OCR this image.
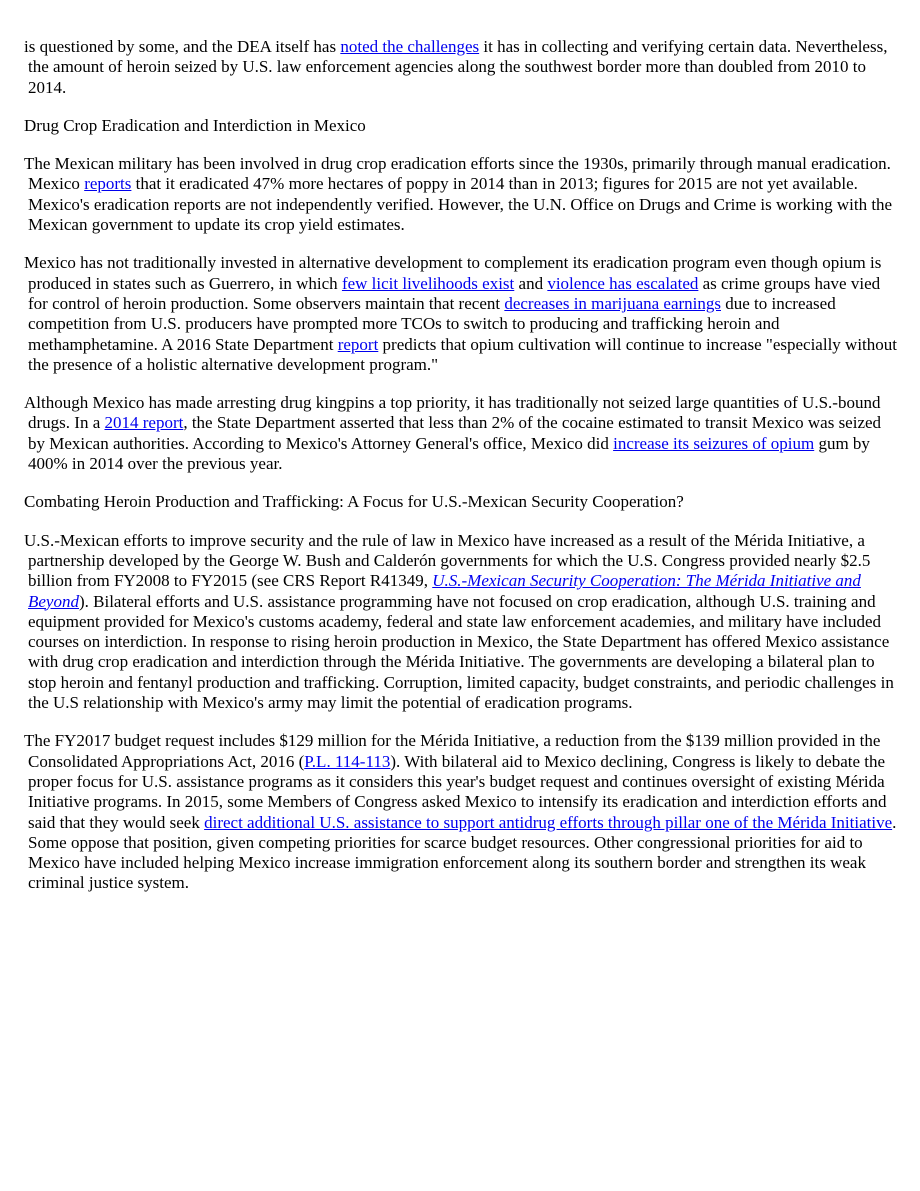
is questioned by some, and the DEA itself has noted the challenges it has in collecting and verifying certain data. Nevertheless, the amount of heroin seized by U.S. law enforcement agencies along the southwest border more than doubled from 2010 to 2014.

Drug Crop Eradication and Interdiction in Mexico

The Mexican military has been involved in drug crop eradication efforts since the 1930s, primarily through manual eradication. Mexico reports that it eradicated 47% more hectares of poppy in 2014 than in 2013; figures for 2015 are not yet available. Mexico's eradication reports are not independently verified. However, the U.N. Office on Drugs and Crime is working with the Mexican government to update its crop yield estimates.

Mexico has not traditionally invested in alternative development to complement its eradication program even though opium is produced in states such as Guerrero, in which few licit livelihoods exist and violence has escalated as crime groups have vied for control of heroin production. Some observers maintain that recent decreases in marijuana earnings due to increased competition from U.S. producers have prompted more TCOs to switch to producing and trafficking heroin and methamphetamine. A 2016 State Department report predicts that opium cultivation will continue to increase "especially without the presence of a holistic alternative development program."

Although Mexico has made arresting drug kingpins a top priority, it has traditionally not seized large quantities of U.S.-bound drugs. In a 2014 report, the State Department asserted that less than 2% of the cocaine estimated to transit Mexico was seized by Mexican authorities. According to Mexico's Attorney General's office, Mexico did increase its seizures of opium gum by 400% in 2014 over the previous year.

Combating Heroin Production and Trafficking: A Focus for U.S.-Mexican Security Cooperation?

U.S.-Mexican efforts to improve security and the rule of law in Mexico have increased as a result of the Mérida Initiative, a partnership developed by the George W. Bush and Calderón governments for which the U.S. Congress provided nearly $2.5 billion from FY2008 to FY2015 (see CRS Report R41349, U.S.-Mexican Security Cooperation: The Mérida Initiative and Beyond). Bilateral efforts and U.S. assistance programming have not focused on crop eradication, although U.S. training and equipment provided for Mexico's customs academy, federal and state law enforcement academies, and military have included courses on interdiction. In response to rising heroin production in Mexico, the State Department has offered Mexico assistance with drug crop eradication and interdiction through the Mérida Initiative. The governments are developing a bilateral plan to stop heroin and fentanyl production and trafficking. Corruption, limited capacity, budget constraints, and periodic challenges in the U.S relationship with Mexico's army may limit the potential of eradication programs.

The FY2017 budget request includes $129 million for the Mérida Initiative, a reduction from the $139 million provided in the Consolidated Appropriations Act, 2016 (P.L. 114-113). With bilateral aid to Mexico declining, Congress is likely to debate the proper focus for U.S. assistance programs as it considers this year's budget request and continues oversight of existing Mérida Initiative programs. In 2015, some Members of Congress asked Mexico to intensify its eradication and interdiction efforts and said that they would seek direct additional U.S. assistance to support antidrug efforts through pillar one of the Mérida Initiative. Some oppose that position, given competing priorities for scarce budget resources. Other congressional priorities for aid to Mexico have included helping Mexico increase immigration enforcement along its southern border and strengthen its weak criminal justice system.
